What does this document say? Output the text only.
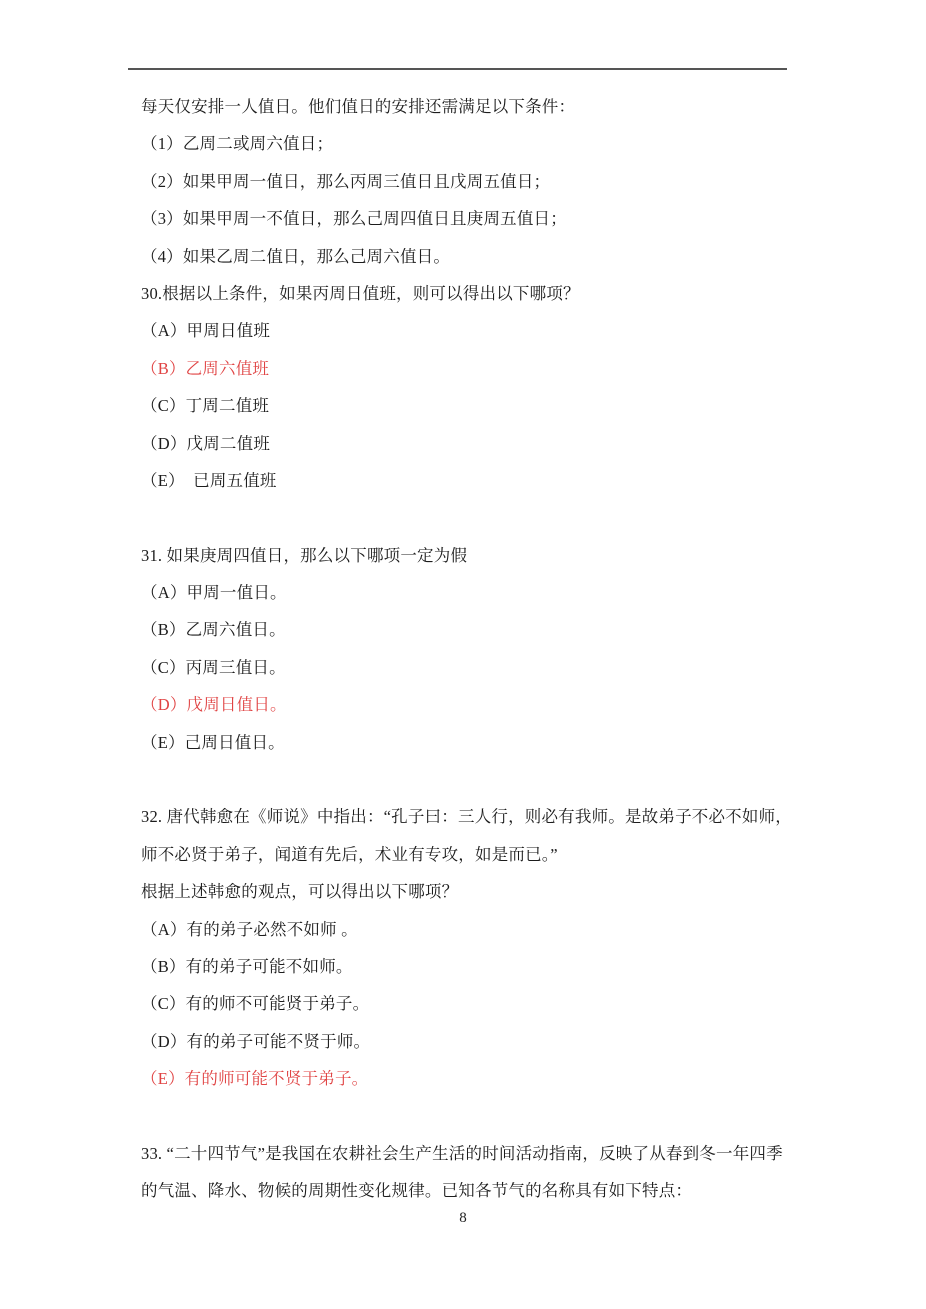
每天仅安排一人值日。他们值日的安排还需满足以下条件：
（1）乙周二或周六值日；
（2）如果甲周一值日，那么丙周三值日且戊周五值日；
（3）如果甲周一不值日，那么己周四值日且庚周五值日；
（4）如果乙周二值日，那么己周六值日。
30.根据以上条件，如果丙周日值班，则可以得出以下哪项？
（A）甲周日值班
（B）乙周六值班
（C）丁周二值班
（D）戊周二值班
（E）　已周五值班
31. 如果庚周四值日，那么以下哪项一定为假
（A）甲周一值日。
（B）乙周六值日。
（C）丙周三值日。
（D）戊周日值日。
（E）己周日值日。
32. 唐代韩愈在《师说》中指出：“孔子曰：三人行，则必有我师。是故弟子不必不如师，
师不必贤于弟子，闻道有先后，术业有专攻，如是而已。”
根据上述韩愈的观点，可以得出以下哪项？
（A）有的弟子必然不如师 。
（B）有的弟子可能不如师。
（C）有的师不可能贤于弟子。
（D）有的弟子可能不贤于师。
（E）有的师可能不贤于弟子。
33. “二十四节气”是我国在农耕社会生产生活的时间活动指南，反映了从春到冬一年四季
的气温、降水、物候的周期性变化规律。已知各节气的名称具有如下特点：
8
